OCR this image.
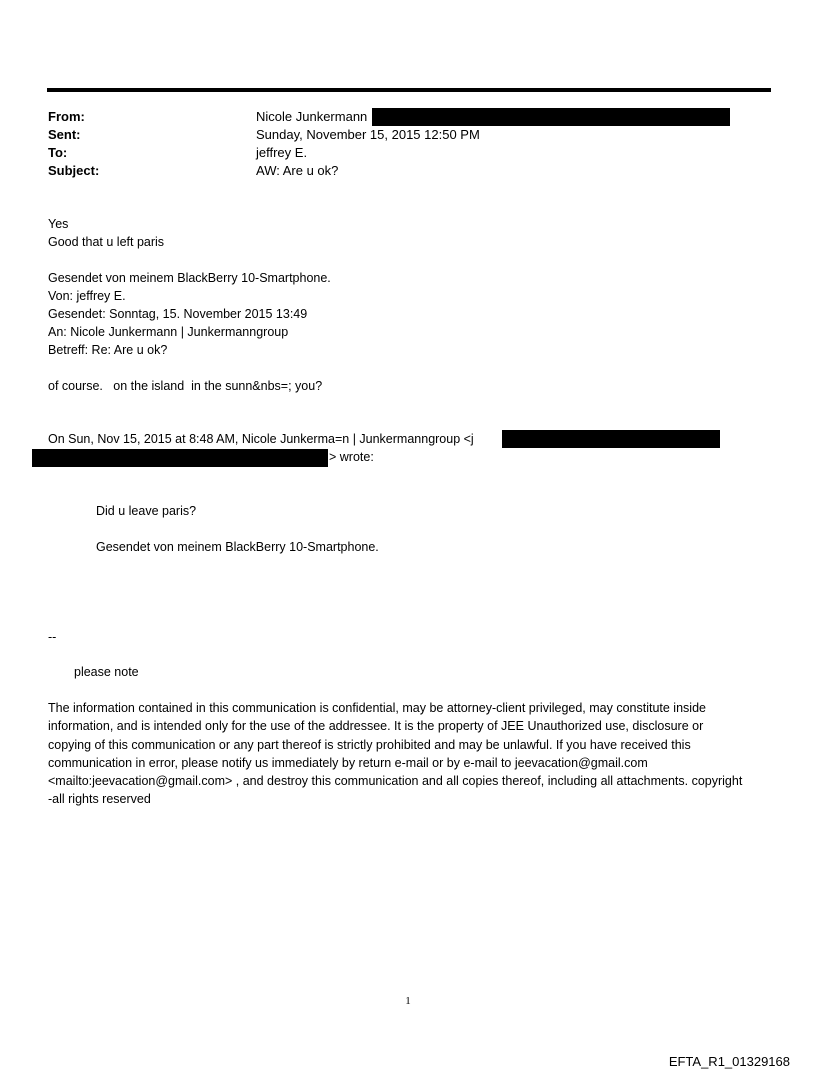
From:	Nicole Junkermann
Sent:	Sunday, November 15, 2015 12:50 PM
To:	jeffrey E.
Subject:	AW: Are u ok?
Yes
Good that u left paris
Gesendet von meinem BlackBerry 10-Smartphone.
Von: jeffrey E.
Gesendet: Sonntag, 15. November 2015 13:49
An: Nicole Junkermann | Junkermanngroup
Betreff: Re: Are u ok?
of course.   on the island  in the sunn&nbs=; you?
On Sun, Nov 15, 2015 at 8:48 AM, Nicole Junkerma=n | Junkermanngroup <j
> wrote:
Did u leave paris?
Gesendet von meinem BlackBerry 10-Smartphone.
--
please note
The information contained in this communication is confidential, may be attorney-client privileged, may constitute inside information, and is intended only for the use of the addressee. It is the property of JEE Unauthorized use, disclosure or copying of this communication or any part thereof is strictly prohibited and may be unlawful. If you have received this communication in error, please notify us immediately by return e-mail or by e-mail to jeevacation@gmail.com <mailto:jeevacation@gmail.com> , and destroy this communication and all copies thereof, including all attachments. copyright -all rights reserved
1
EFTA_R1_01329168
